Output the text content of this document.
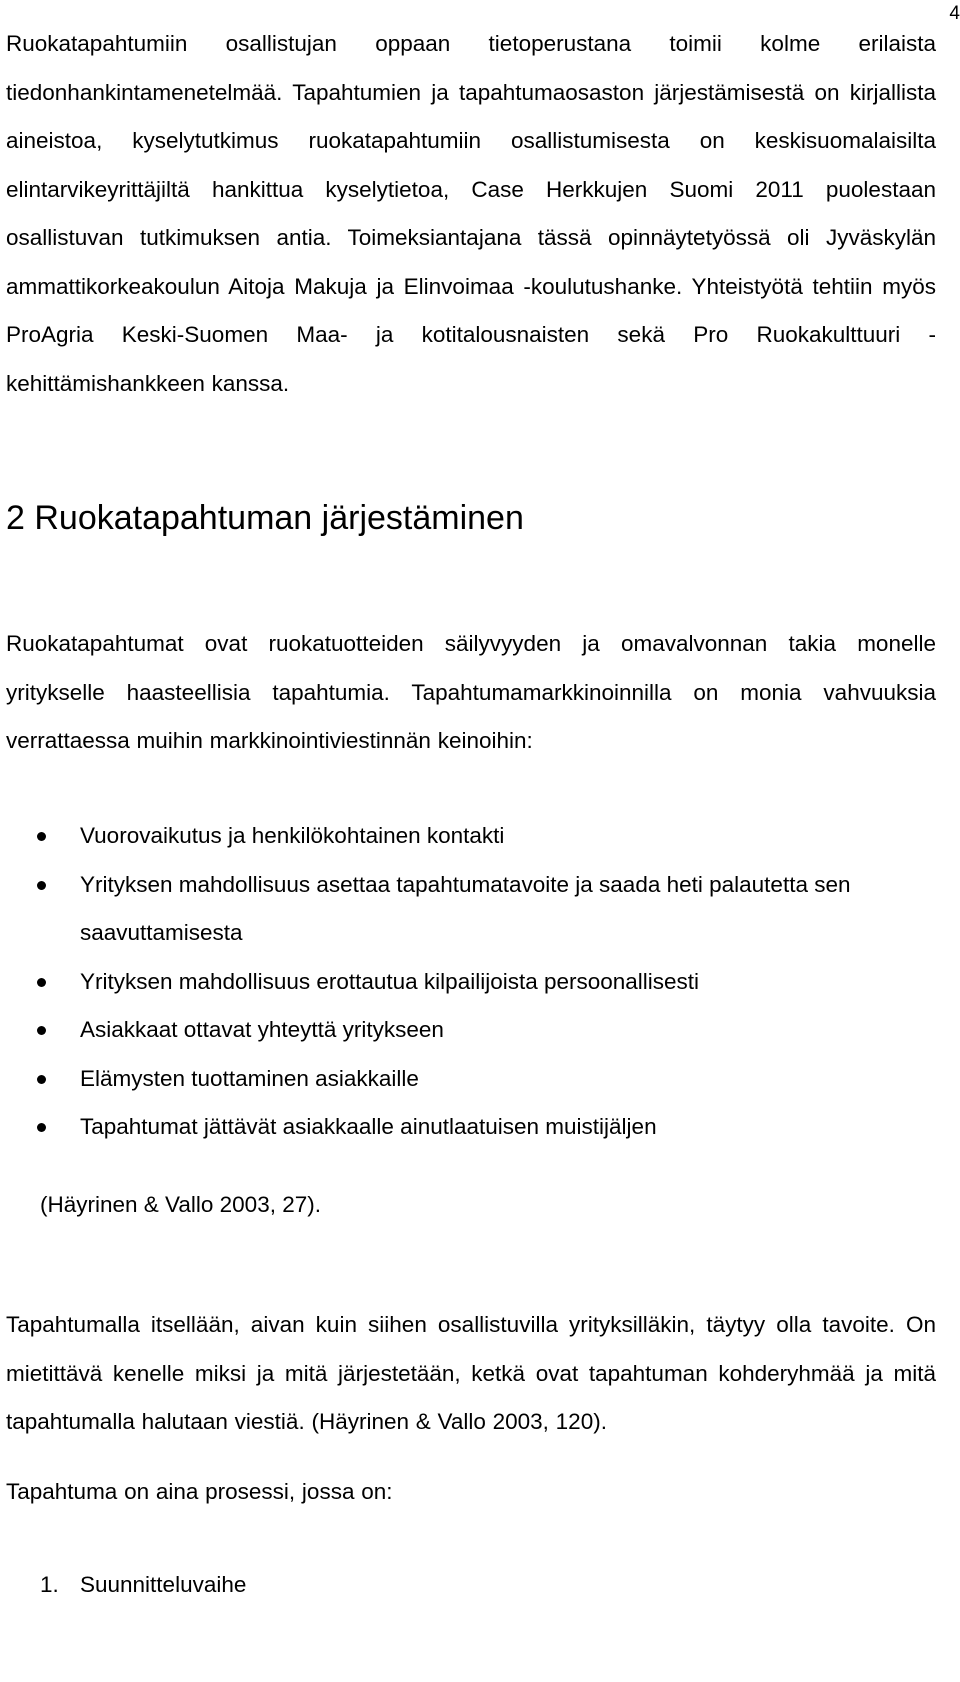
4

Ruokatapahtumiin osallistujan oppaan tietoperustana toimii kolme erilaista tiedonhankintamenetelmää. Tapahtumien ja tapahtumaosaston järjestämisestä on kirjallista aineistoa, kyselytutkimus ruokatapahtumiin osallistumisesta on keskisuomalaisilta elintarvikeyrittäjiltä hankittua kyselytietoa, Case Herkkujen Suomi 2011 puolestaan osallistuvan tutkimuksen antia. Toimeksiantajana tässä opinnäytetyössä oli Jyväskylän ammattikorkeakoulun Aitoja Makuja ja Elinvoimaa -koulutushanke. Yhteistyötä tehtiin myös ProAgria Keski-Suomen Maa- ja kotitalousnaisten sekä Pro Ruokakulttuuri -kehittämishankkeen kanssa.

2 Ruokatapahtuman järjestäminen

Ruokatapahtumat ovat ruokatuotteiden säilyvyyden ja omavalvonnan takia monelle yritykselle haasteellisia tapahtumia. Tapahtumamarkkinoinnilla on monia vahvuuksia verrattaessa muihin markkinointiviestinnän keinoihin:

Vuorovaikutus ja henkilökohtainen kontakti
Yrityksen mahdollisuus asettaa tapahtumatavoite ja saada heti palautetta sen saavuttamisesta
Yrityksen mahdollisuus erottautua kilpailijoista persoonallisesti
Asiakkaat ottavat yhteyttä yritykseen
Elämysten tuottaminen asiakkaille
Tapahtumat jättävät asiakkaalle ainutlaatuisen muistijäljen

(Häyrinen & Vallo 2003, 27).

Tapahtumalla itsellään, aivan kuin siihen osallistuvilla yrityksilläkin, täytyy olla tavoite. On mietittävä kenelle miksi ja mitä järjestetään, ketkä ovat tapahtuman kohderyhmää ja mitä tapahtumalla halutaan viestiä. (Häyrinen & Vallo 2003, 120).

Tapahtuma on aina prosessi, jossa on:

1. Suunnitteluvaihe
